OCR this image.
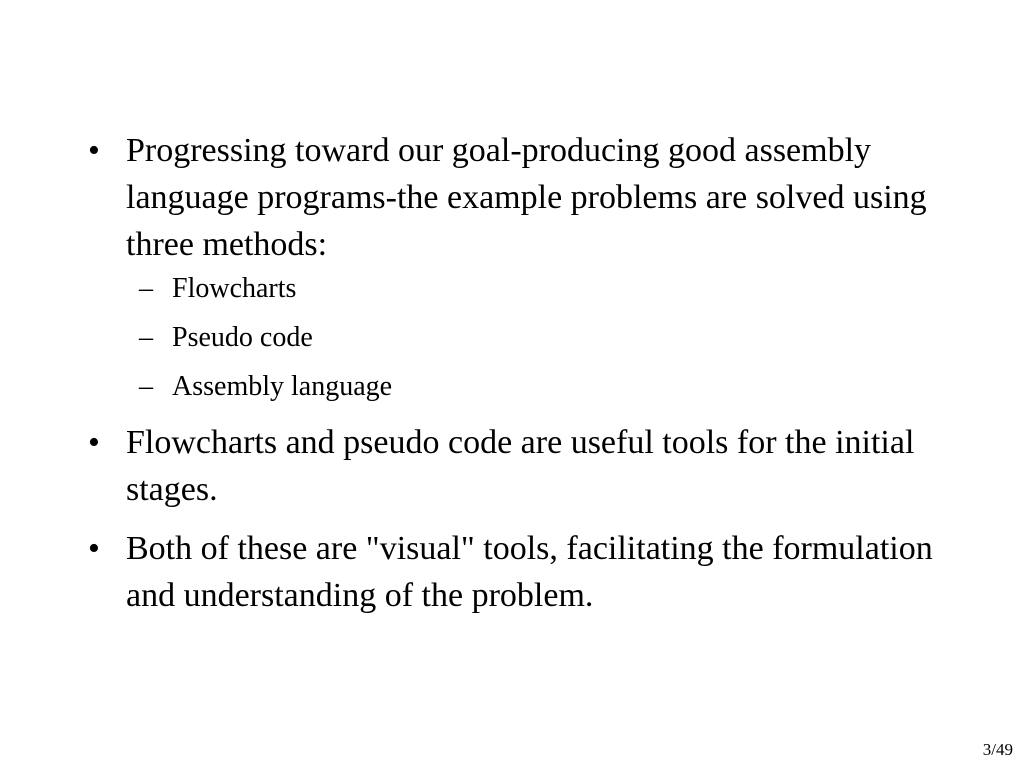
• Progressing toward our goal-producing good assembly language programs-the example problems are solved using three methods:
– Flowcharts
– Pseudo code
– Assembly language
• Flowcharts and pseudo code are useful tools for the initial stages.
• Both of these are "visual" tools, facilitating the formulation and understanding of the problem.
3/49
